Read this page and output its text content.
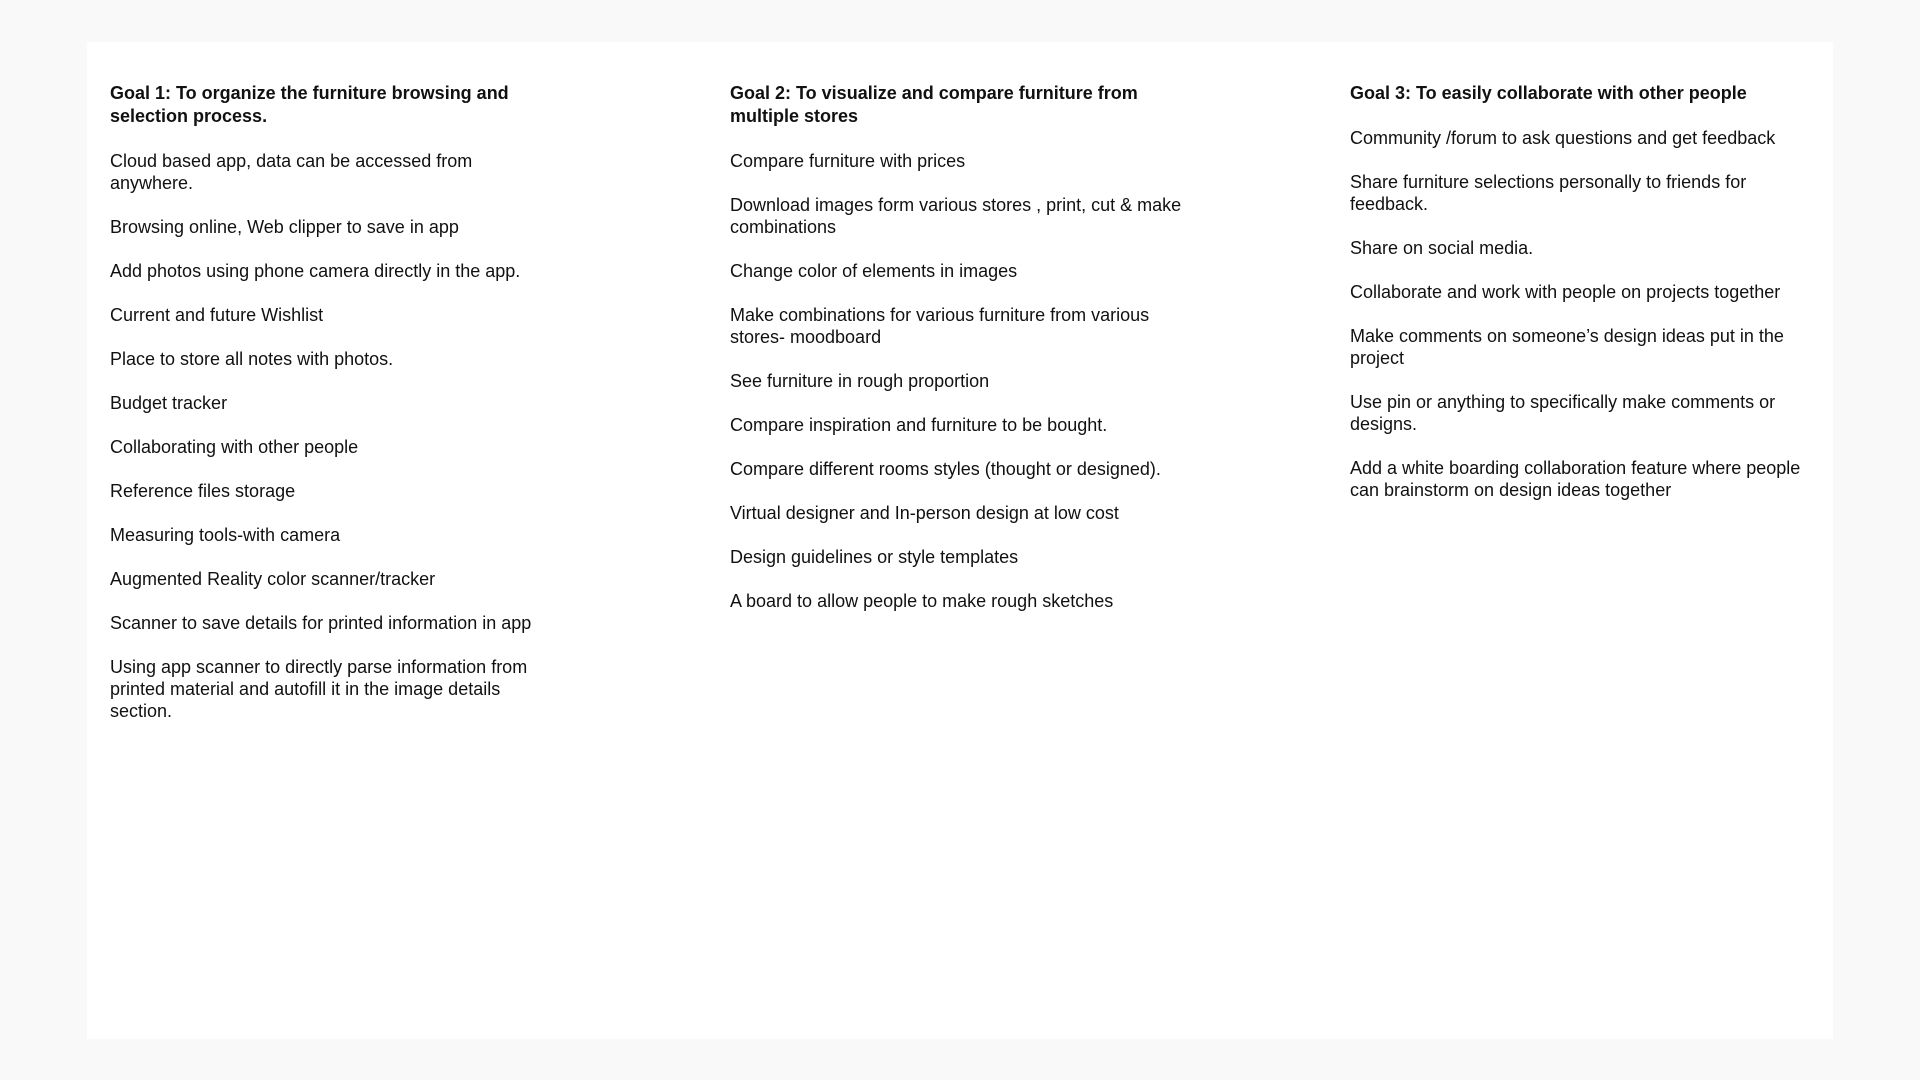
Goal 1: To organize the furniture browsing and selection process.
Cloud based app, data can be accessed from anywhere.
Browsing online, Web clipper to save in app
Add photos using phone camera directly in the app.
Current and future Wishlist
Place to store all notes with photos.
Budget tracker
Collaborating with other people
Reference files storage
Measuring tools-with camera
Augmented Reality color scanner/tracker
Scanner to save details for printed information in app
Using app scanner to directly parse information from printed material and autofill it in the image details section.
Goal 2: To visualize and compare furniture from multiple stores
Compare furniture with prices
Download images form various stores , print, cut & make combinations
Change color of elements in images
Make combinations for various furniture from various stores- moodboard
See furniture in rough proportion
Compare inspiration and furniture to be bought.
Compare different rooms styles (thought or designed).
Virtual designer and In-person design at low cost
Design guidelines or style templates
A board to allow people to make rough sketches
Goal 3: To easily collaborate with other people
Community /forum to ask questions and get feedback
Share furniture selections personally to friends for feedback.
Share on social media.
Collaborate and work with people on projects together
Make comments on someone’s design ideas put in the project
Use pin or anything to specifically make comments or designs.
Add a white boarding collaboration feature where people can brainstorm on design ideas together
